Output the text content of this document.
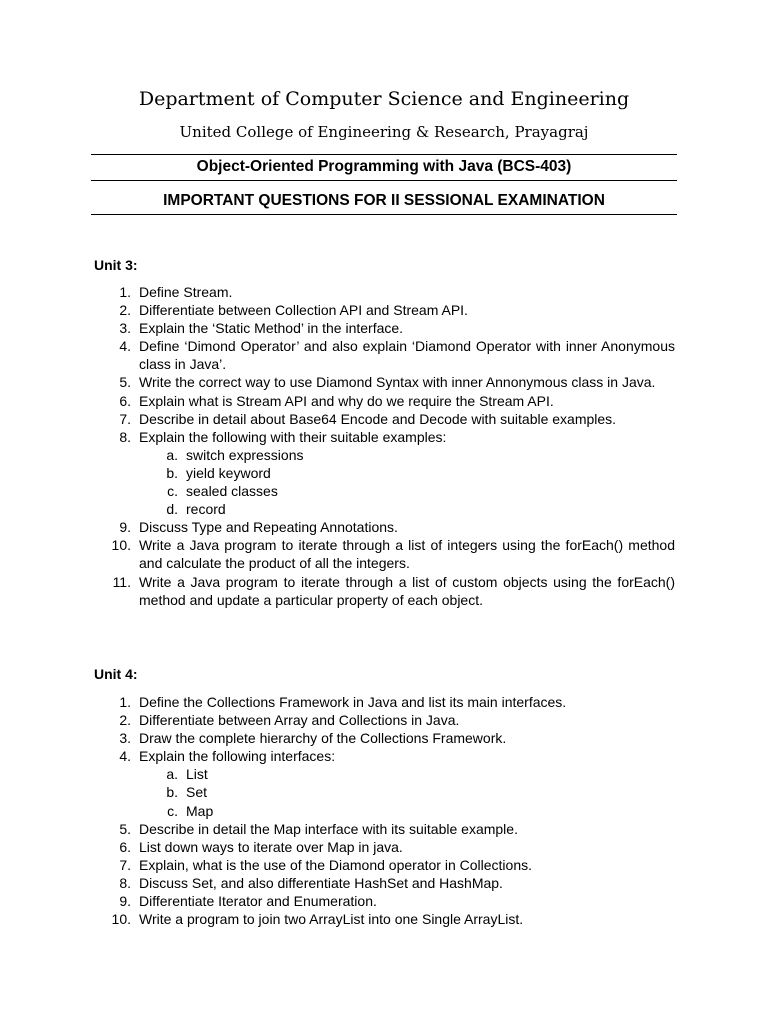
Department of Computer Science and Engineering
United College of Engineering & Research, Prayagraj
Object-Oriented Programming with Java (BCS-403)
IMPORTANT QUESTIONS FOR II SESSIONAL EXAMINATION
Unit 3:
1. Define Stream.
2. Differentiate between Collection API and Stream API.
3. Explain the ‘Static Method’ in the interface.
4. Define ‘Dimond Operator’ and also explain ‘Diamond Operator with inner Anonymous class in Java’.
5. Write the correct way to use Diamond Syntax with inner Annonymous class in Java.
6. Explain what is Stream API and why do we require the Stream API.
7. Describe in detail about Base64 Encode and Decode with suitable examples.
8. Explain the following with their suitable examples:
a. switch expressions
b. yield keyword
c. sealed classes
d. record
9. Discuss Type and Repeating Annotations.
10. Write a Java program to iterate through a list of integers using the forEach() method and calculate the product of all the integers.
11. Write a Java program to iterate through a list of custom objects using the forEach() method and update a particular property of each object.
Unit 4:
1. Define the Collections Framework in Java and list its main interfaces.
2. Differentiate between Array and Collections in Java.
3. Draw the complete hierarchy of the Collections Framework.
4. Explain the following interfaces:
a. List
b. Set
c. Map
5. Describe in detail the Map interface with its suitable example.
6. List down ways to iterate over Map in java.
7. Explain, what is the use of the Diamond operator in Collections.
8. Discuss Set, and also differentiate HashSet and HashMap.
9. Differentiate Iterator and Enumeration.
10. Write a program to join two ArrayList into one Single ArrayList.
